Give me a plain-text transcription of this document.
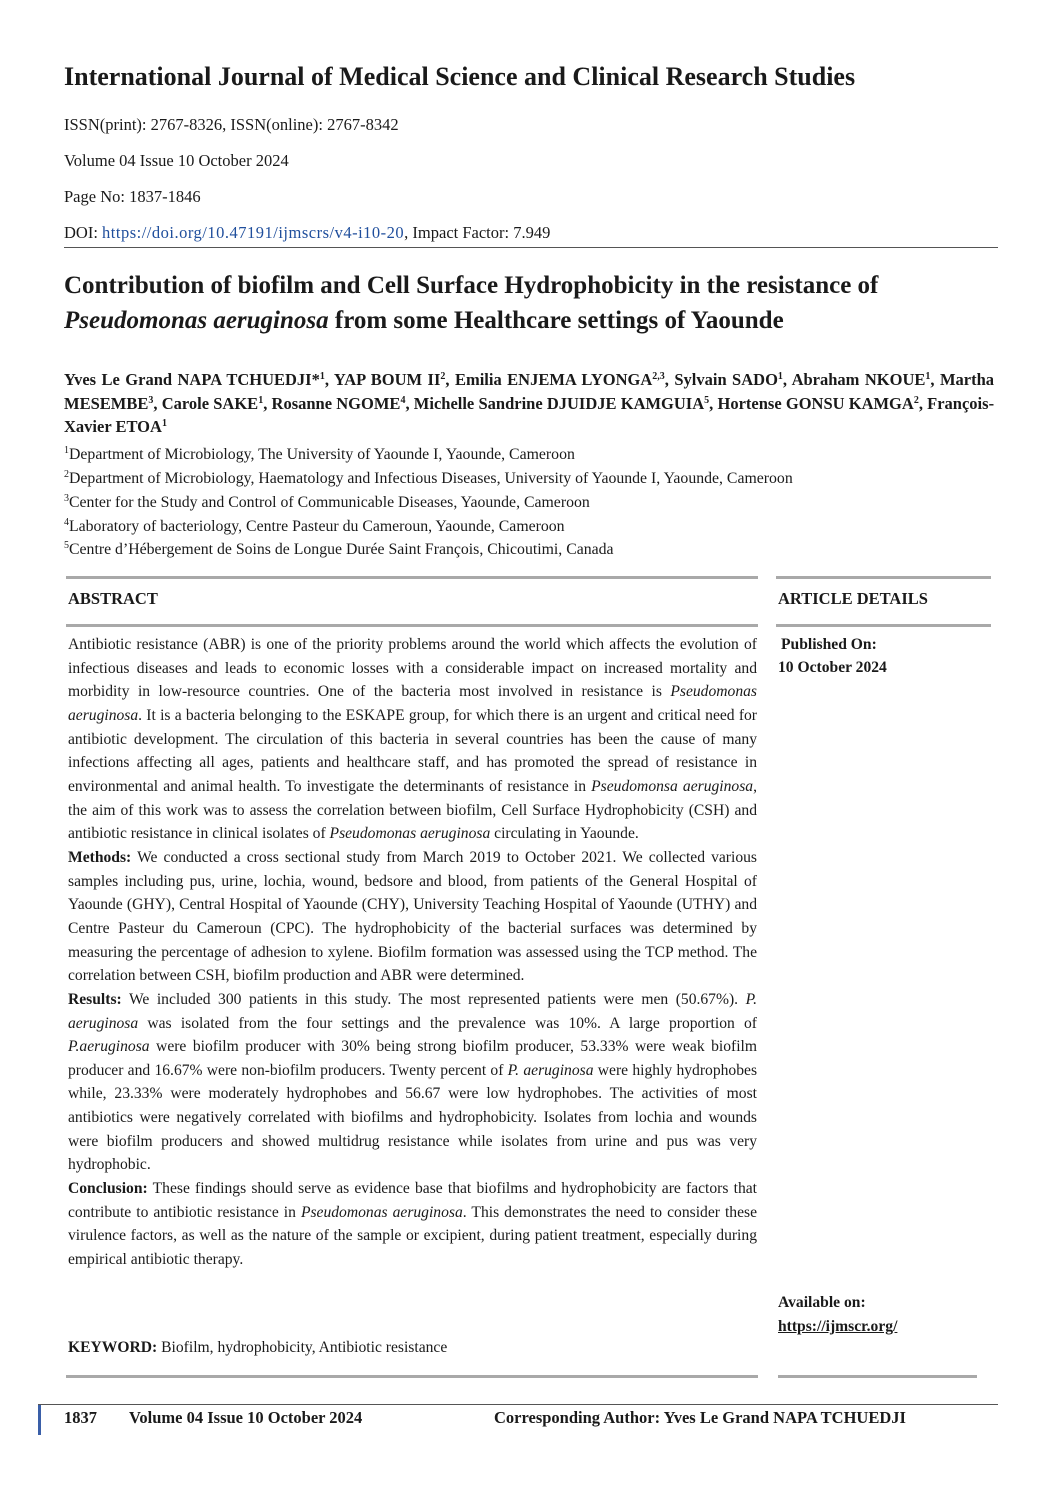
International Journal of Medical Science and Clinical Research Studies
ISSN(print): 2767-8326, ISSN(online): 2767-8342
Volume 04 Issue 10 October 2024
Page No: 1837-1846
DOI: https://doi.org/10.47191/ijmscrs/v4-i10-20, Impact Factor: 7.949
Contribution of biofilm and Cell Surface Hydrophobicity in the resistance of Pseudomonas aeruginosa from some Healthcare settings of Yaounde
Yves Le Grand NAPA TCHUEDJI*$^1$, YAP BOUM $II^2$, Emilia ENJEMA LYONGA$^{2,3}$, Sylvain SADO$^1$, Abraham NKOUE$^1$, Martha MESEMBE$^3$, Carole SAKE$^1$, Rosanne NGOME$^4$, Michelle Sandrine DJUIDJE KAMGUIA$^5$, Hortense GONSU KAMGA$^2$, François-Xavier ETOA$^1$
$^1$Department of Microbiology, The University of Yaounde I, Yaounde, Cameroon
$^2$Department of Microbiology, Haematology and Infectious Diseases, University of Yaounde I, Yaounde, Cameroon
$^3$Center for the Study and Control of Communicable Diseases, Yaounde, Cameroon
$^4$Laboratory of bacteriology, Centre Pasteur du Cameroun, Yaounde, Cameroon
$^5$Centre d’Hébergement de Soins de Longue Durée Saint François, Chicoutimi, Canada
ABSTRACT	ARTICLE DETAILS

Antibiotic resistance (ABR) is one of the priority problems around the world which affects the evolution of infectious diseases and leads to economic losses with a considerable impact on increased mortality and morbidity in low-resource countries. One of the bacteria most involved in resistance is Pseudomonas aeruginosa. It is a bacteria belonging to the ESKAPE group, for which there is an urgent and critical need for antibiotic development. The circulation of this bacteria in several countries has been the cause of many infections affecting all ages, patients and healthcare staff, and has promoted the spread of resistance in environmental and animal health. To investigate the determinants of resistance in Pseudomonsa aeruginosa, the aim of this work was to assess the correlation between biofilm, Cell Surface Hydrophobicity (CSH) and antibiotic resistance in clinical isolates of Pseudomonas aeruginosa circulating in Yaounde.

Methods: We conducted a cross sectional study from March 2019 to October 2021. We collected various samples including pus, urine, lochia, wound, bedsore and blood, from patients of the General Hospital of Yaounde (GHY), Central Hospital of Yaounde (CHY), University Teaching Hospital of Yaounde (UTHY) and Centre Pasteur du Cameroun (CPC). The hydrophobicity of the bacterial surfaces was determined by measuring the percentage of adhesion to xylene. Biofilm formation was assessed using the TCP method. The correlation between CSH, biofilm production and ABR were determined.

Results: We included 300 patients in this study. The most represented patients were men (50.67%). P. aeruginosa was isolated from the four settings and the prevalence was 10%. A large proportion of P.aeruginosa were biofilm producer with 30% being strong biofilm producer, 53.33% were weak biofilm producer and 16.67% were non-biofilm producers. Twenty percent of P. aeruginosa were highly hydrophobes while, 23.33% were moderately hydrophobes and 56.67 were low hydrophobes. The activities of most antibiotics were negatively correlated with biofilms and hydrophobicity. Isolates from lochia and wounds were biofilm producers and showed multidrug resistance while isolates from urine and pus was very hydrophobic.

Conclusion: These findings should serve as evidence base that biofilms and hydrophobicity are factors that contribute to antibiotic resistance in Pseudomonas aeruginosa. This demonstrates the need to consider these virulence factors, as well as the nature of the sample or excipient, during patient treatment, especially during empirical antibiotic therapy.

KEYWORD: Biofilm, hydrophobicity, Antibiotic resistance
Published On:
10 October 2024
Available on:
https://ijmscr.org/
1837 Volume 04 Issue 10 October 2024	Corresponding Author: Yves Le Grand NAPA TCHUEDJI
